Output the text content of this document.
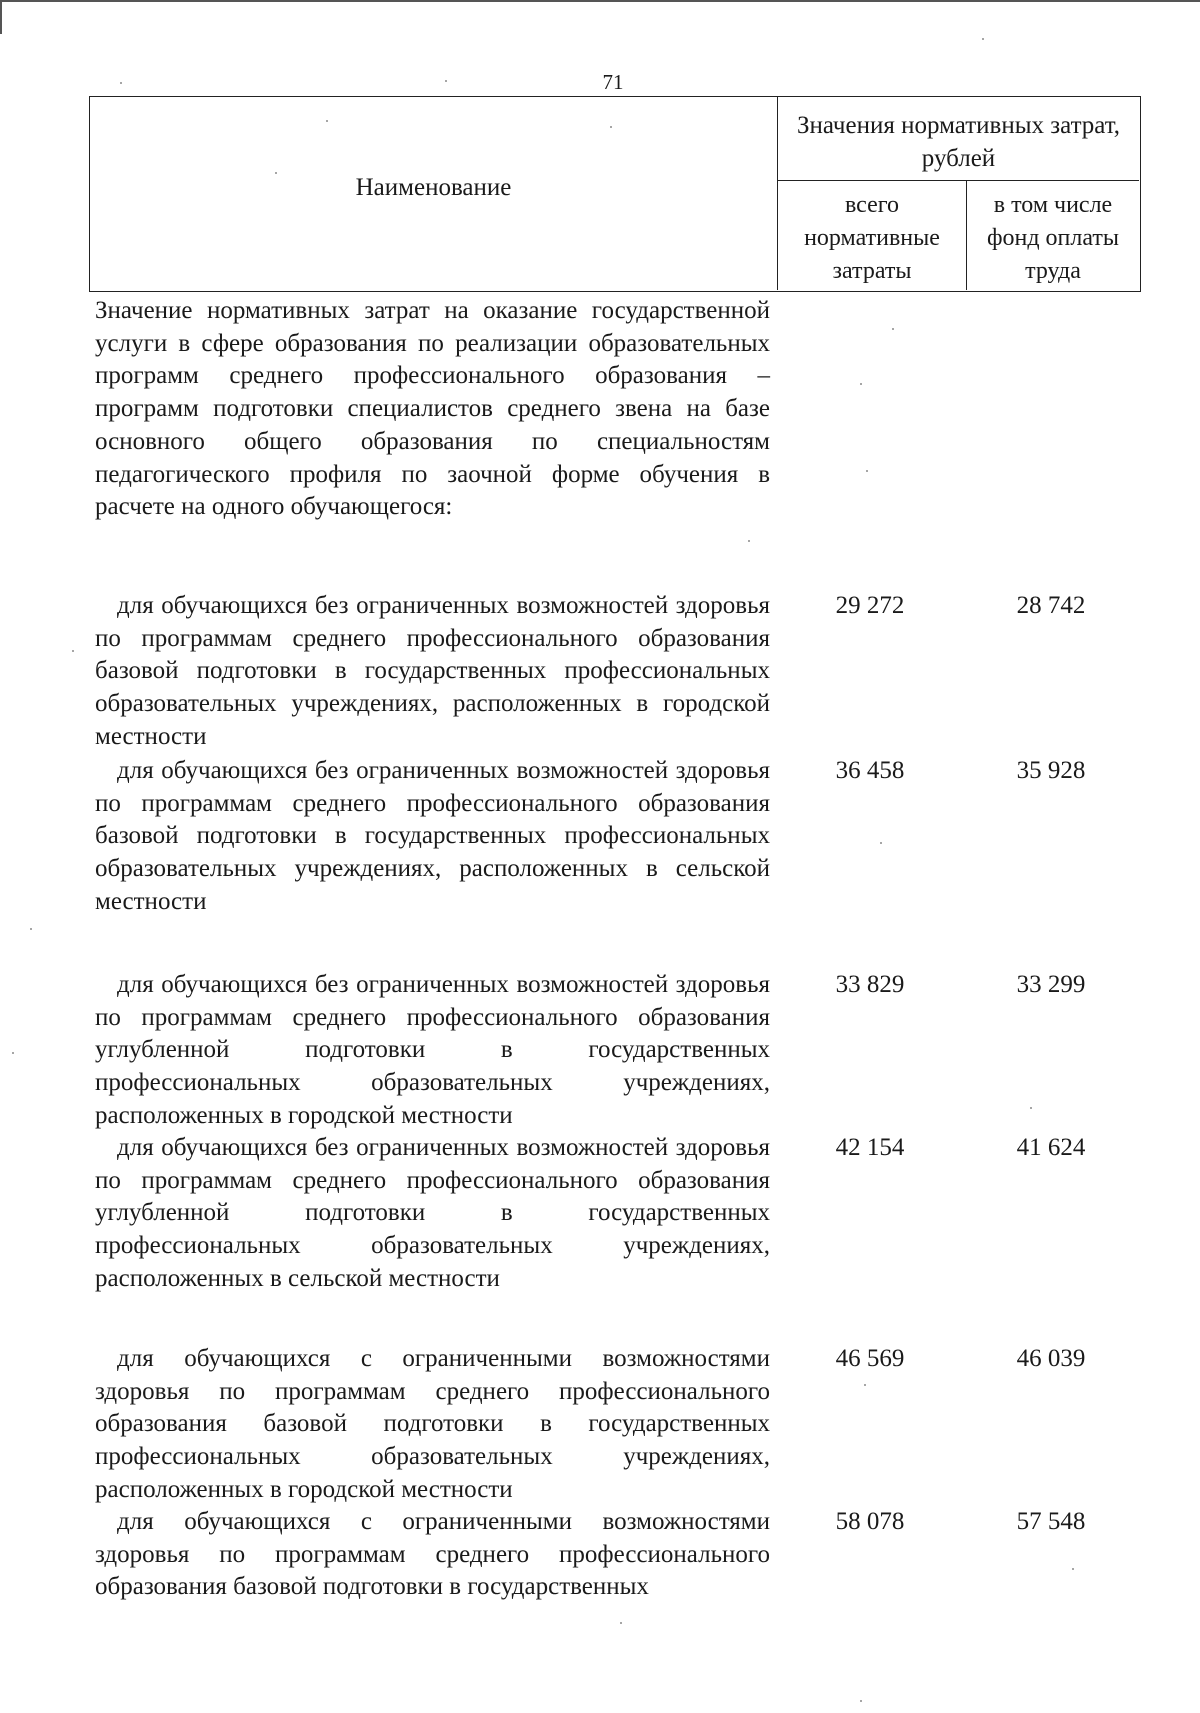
71
Наименование
Значения нормативных затрат, рублей
всего нормативные затраты
в том числе фонд оплаты труда
Значение нормативных затрат на оказание государственной услуги в сфере образования по реализации образовательных программ среднего профессионального образования – программ подготовки специалистов среднего звена на базе основного общего образования по специальностям педагогического профиля по заочной форме обучения в расчете на одного обучающегося:
для обучающихся без ограниченных возможностей здоровья по программам среднего профессионального образования базовой подготовки в государственных профессиональных образовательных учреждениях, расположенных в городской местности
29 272	28 742
для обучающихся без ограниченных возможностей здоровья по программам среднего профессионального образования базовой подготовки в государственных профессиональных образовательных учреждениях, расположенных в сельской местности
36 458	35 928
для обучающихся без ограниченных возможностей здоровья по программам среднего профессионального образования углубленной подготовки в государственных профессиональных образовательных учреждениях, расположенных в городской местности
33 829	33 299
для обучающихся без ограниченных возможностей здоровья по программам среднего профессионального образования углубленной подготовки в государственных профессиональных образовательных учреждениях, расположенных в сельской местности
42 154	41 624
для обучающихся с ограниченными возможностями здоровья по программам среднего профессионального образования базовой подготовки в государственных профессиональных образовательных учреждениях, расположенных в городской местности
46 569	46 039
для обучающихся с ограниченными возможностями здоровья по программам среднего профессионального образования базовой подготовки в государственных
58 078	57 548
